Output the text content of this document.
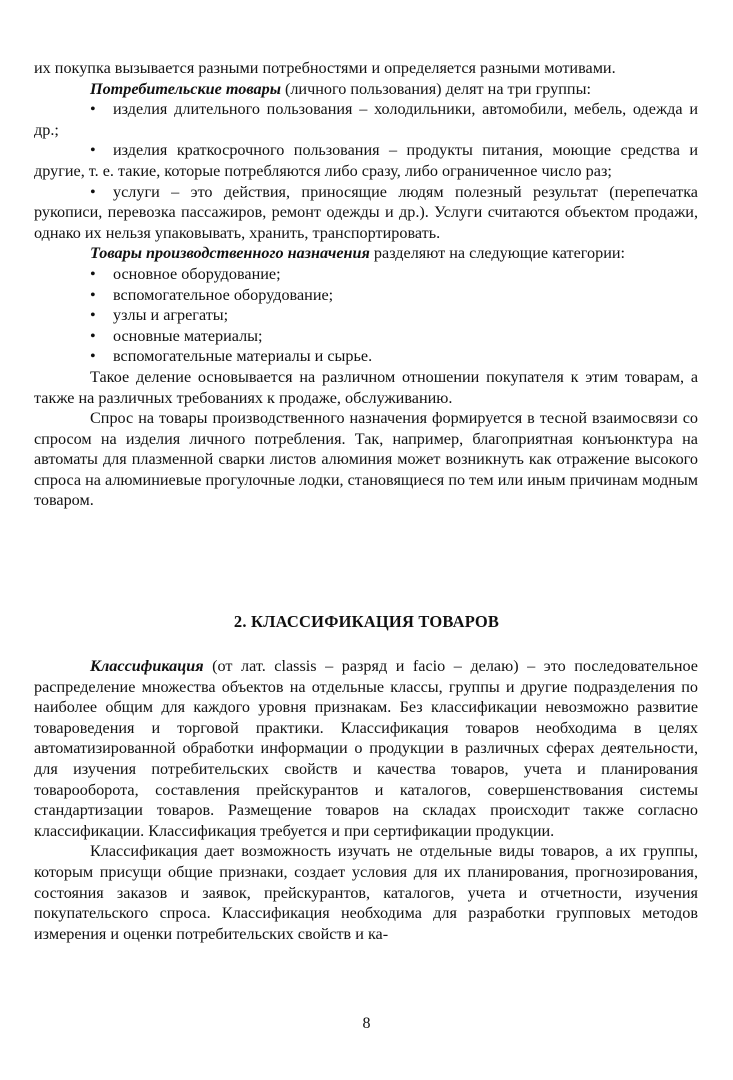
их покупка вызывается разными потребностями и определяется разными мотивами.

Потребительские товары (личного пользования) делят на три группы:

• изделия длительного пользования – холодильники, автомобили, мебель, одежда и др.;

• изделия краткосрочного пользования – продукты питания, моющие средства и другие, т. е. такие, которые потребляются либо сразу, либо ограниченное число раз;

• услуги – это действия, приносящие людям полезный результат (перепечатка рукописи, перевозка пассажиров, ремонт одежды и др.). Услуги считаются объектом продажи, однако их нельзя упаковывать, хранить, транспортировать.

Товары производственного назначения разделяют на следующие категории:

• основное оборудование;

• вспомогательное оборудование;

• узлы и агрегаты;

• основные материалы;

• вспомогательные материалы и сырье.

Такое деление основывается на различном отношении покупателя к этим товарам, а также на различных требованиях к продаже, обслуживанию.

Спрос на товары производственного назначения формируется в тесной взаимосвязи со спросом на изделия личного потребления. Так, например, благоприятная конъюнктура на автоматы для плазменной сварки листов алюминия может возникнуть как отражение высокого спроса на алюминиевые прогулочные лодки, становящиеся по тем или иным причинам модным товаром.

2. КЛАССИФИКАЦИЯ ТОВАРОВ

Классификация (от лат. classis – разряд и facio – делаю) – это последовательное распределение множества объектов на отдельные классы, группы и другие подразделения по наиболее общим для каждого уровня признакам. Без классификации невозможно развитие товароведения и торговой практики. Классификация товаров необходима в целях автоматизированной обработки информации о продукции в различных сферах деятельности, для изучения потребительских свойств и качества товаров, учета и планирования товарооборота, составления прейскурантов и каталогов, совершенствования системы стандартизации товаров. Размещение товаров на складах происходит также согласно классификации. Классификация требуется и при сертификации продукции.

Классификация дает возможность изучать не отдельные виды товаров, а их группы, которым присущи общие признаки, создает условия для их планирования, прогнозирования, состояния заказов и заявок, прейскурантов, каталогов, учета и отчетности, изучения покупательского спроса. Классификация необходима для разработки групповых методов измерения и оценки потребительских свойств и ка-

8
